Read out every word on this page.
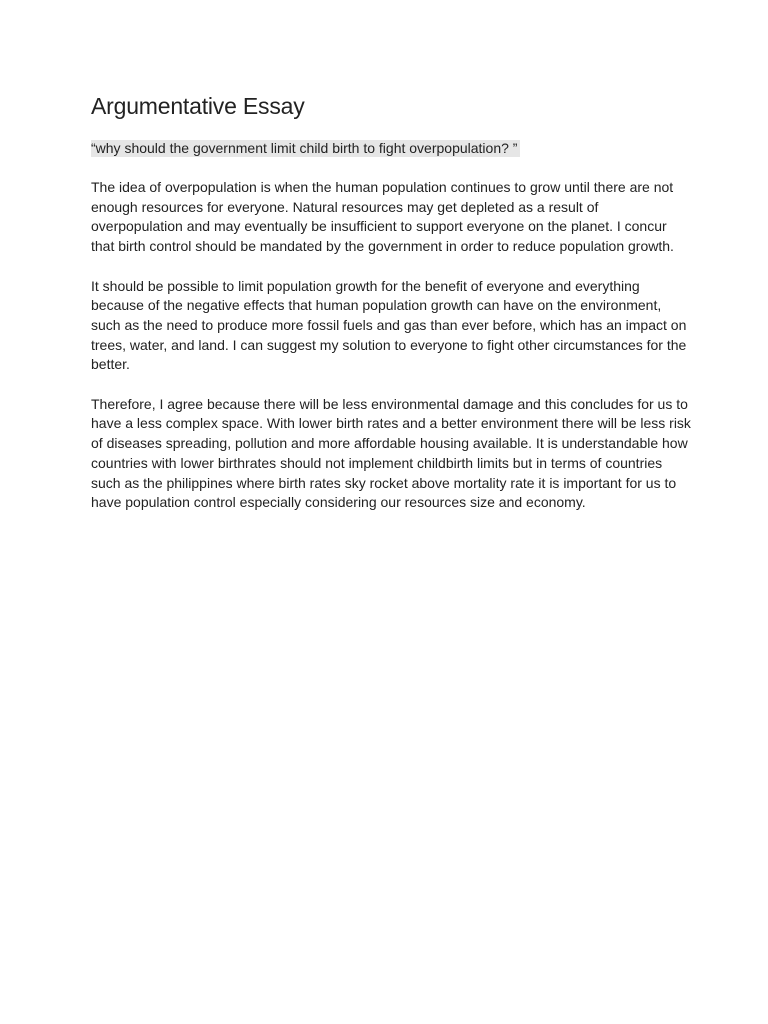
Argumentative Essay
“why should the government limit child birth to fight overpopulation? ”

The idea of overpopulation is when the human population continues to grow until there are not enough resources for everyone. Natural resources may get depleted as a result of overpopulation and may eventually be insufficient to support everyone on the planet. I concur that birth control should be mandated by the government in order to reduce population growth.

It should be possible to limit population growth for the benefit of everyone and everything because of the negative effects that human population growth can have on the environment, such as the need to produce more fossil fuels and gas than ever before, which has an impact on trees, water, and land. I can suggest my solution to everyone to fight other circumstances for the better.

Therefore, I agree because there will be less environmental damage and this concludes for us to have a less complex space. With lower birth rates and a better environment there will be less risk of diseases spreading, pollution and more affordable housing available. It is understandable how countries with lower birthrates should not implement childbirth limits but in terms of countries such as the philippines where birth rates sky rocket above mortality rate it is important for us to have population control especially considering our resources size and economy.
